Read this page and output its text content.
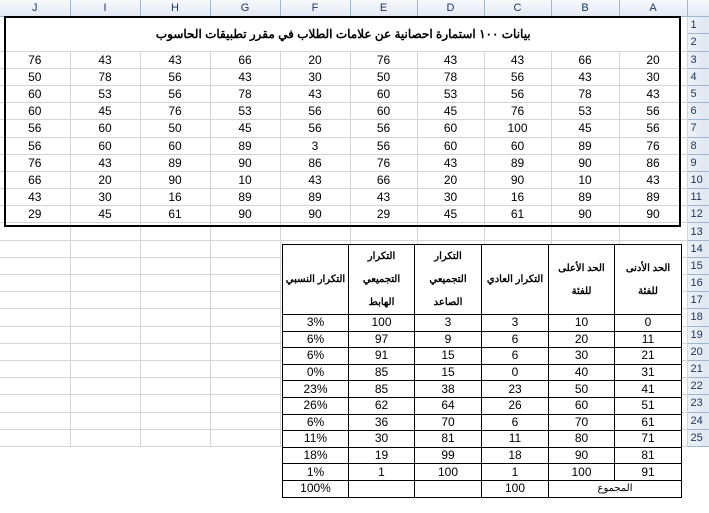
J	I	H	G	F	E	D	C	B	A	
بيانات ١٠٠ استمارة احصانية عن علامات الطلاب في مقرر تطبيقات الحاسوب										1
										2
76	43	43	66	20	76	43	43	66	20	3
50	78	56	43	30	50	78	56	43	30	4
60	53	56	78	43	60	53	56	78	43	5
60	45	76	53	56	60	45	76	53	56	6
56	60	50	45	56	56	60	100	45	56	7
56	60	60	89	3	56	60	60	89	76	8
76	43	89	90	86	76	43	89	90	86	9
66	20	90	10	43	66	20	90	10	43	10
43	30	16	89	89	43	30	16	89	89	11
29	45	61	90	90	29	45	61	90	90	12
										13
										14
										15
										16
										17
										18
										19
										20
										21
										22
										23
										24
										25
التكرار النسبي	التكرار التجميعي الهابط	التكرار التجميعي الصاعد	التكرار العادي	الحد الأعلى للفئة	الحد الأدنى للفئة
3%	100	3	3	10	0
6%	97	9	6	20	11
6%	91	15	6	30	21
0%	85	15	0	40	31
23%	85	38	23	50	41
26%	62	64	26	60	51
6%	36	70	6	70	61
11%	30	81	11	80	71
18%	19	99	18	90	81
1%	1	100	1	100	91
100%			100	المجموع	
